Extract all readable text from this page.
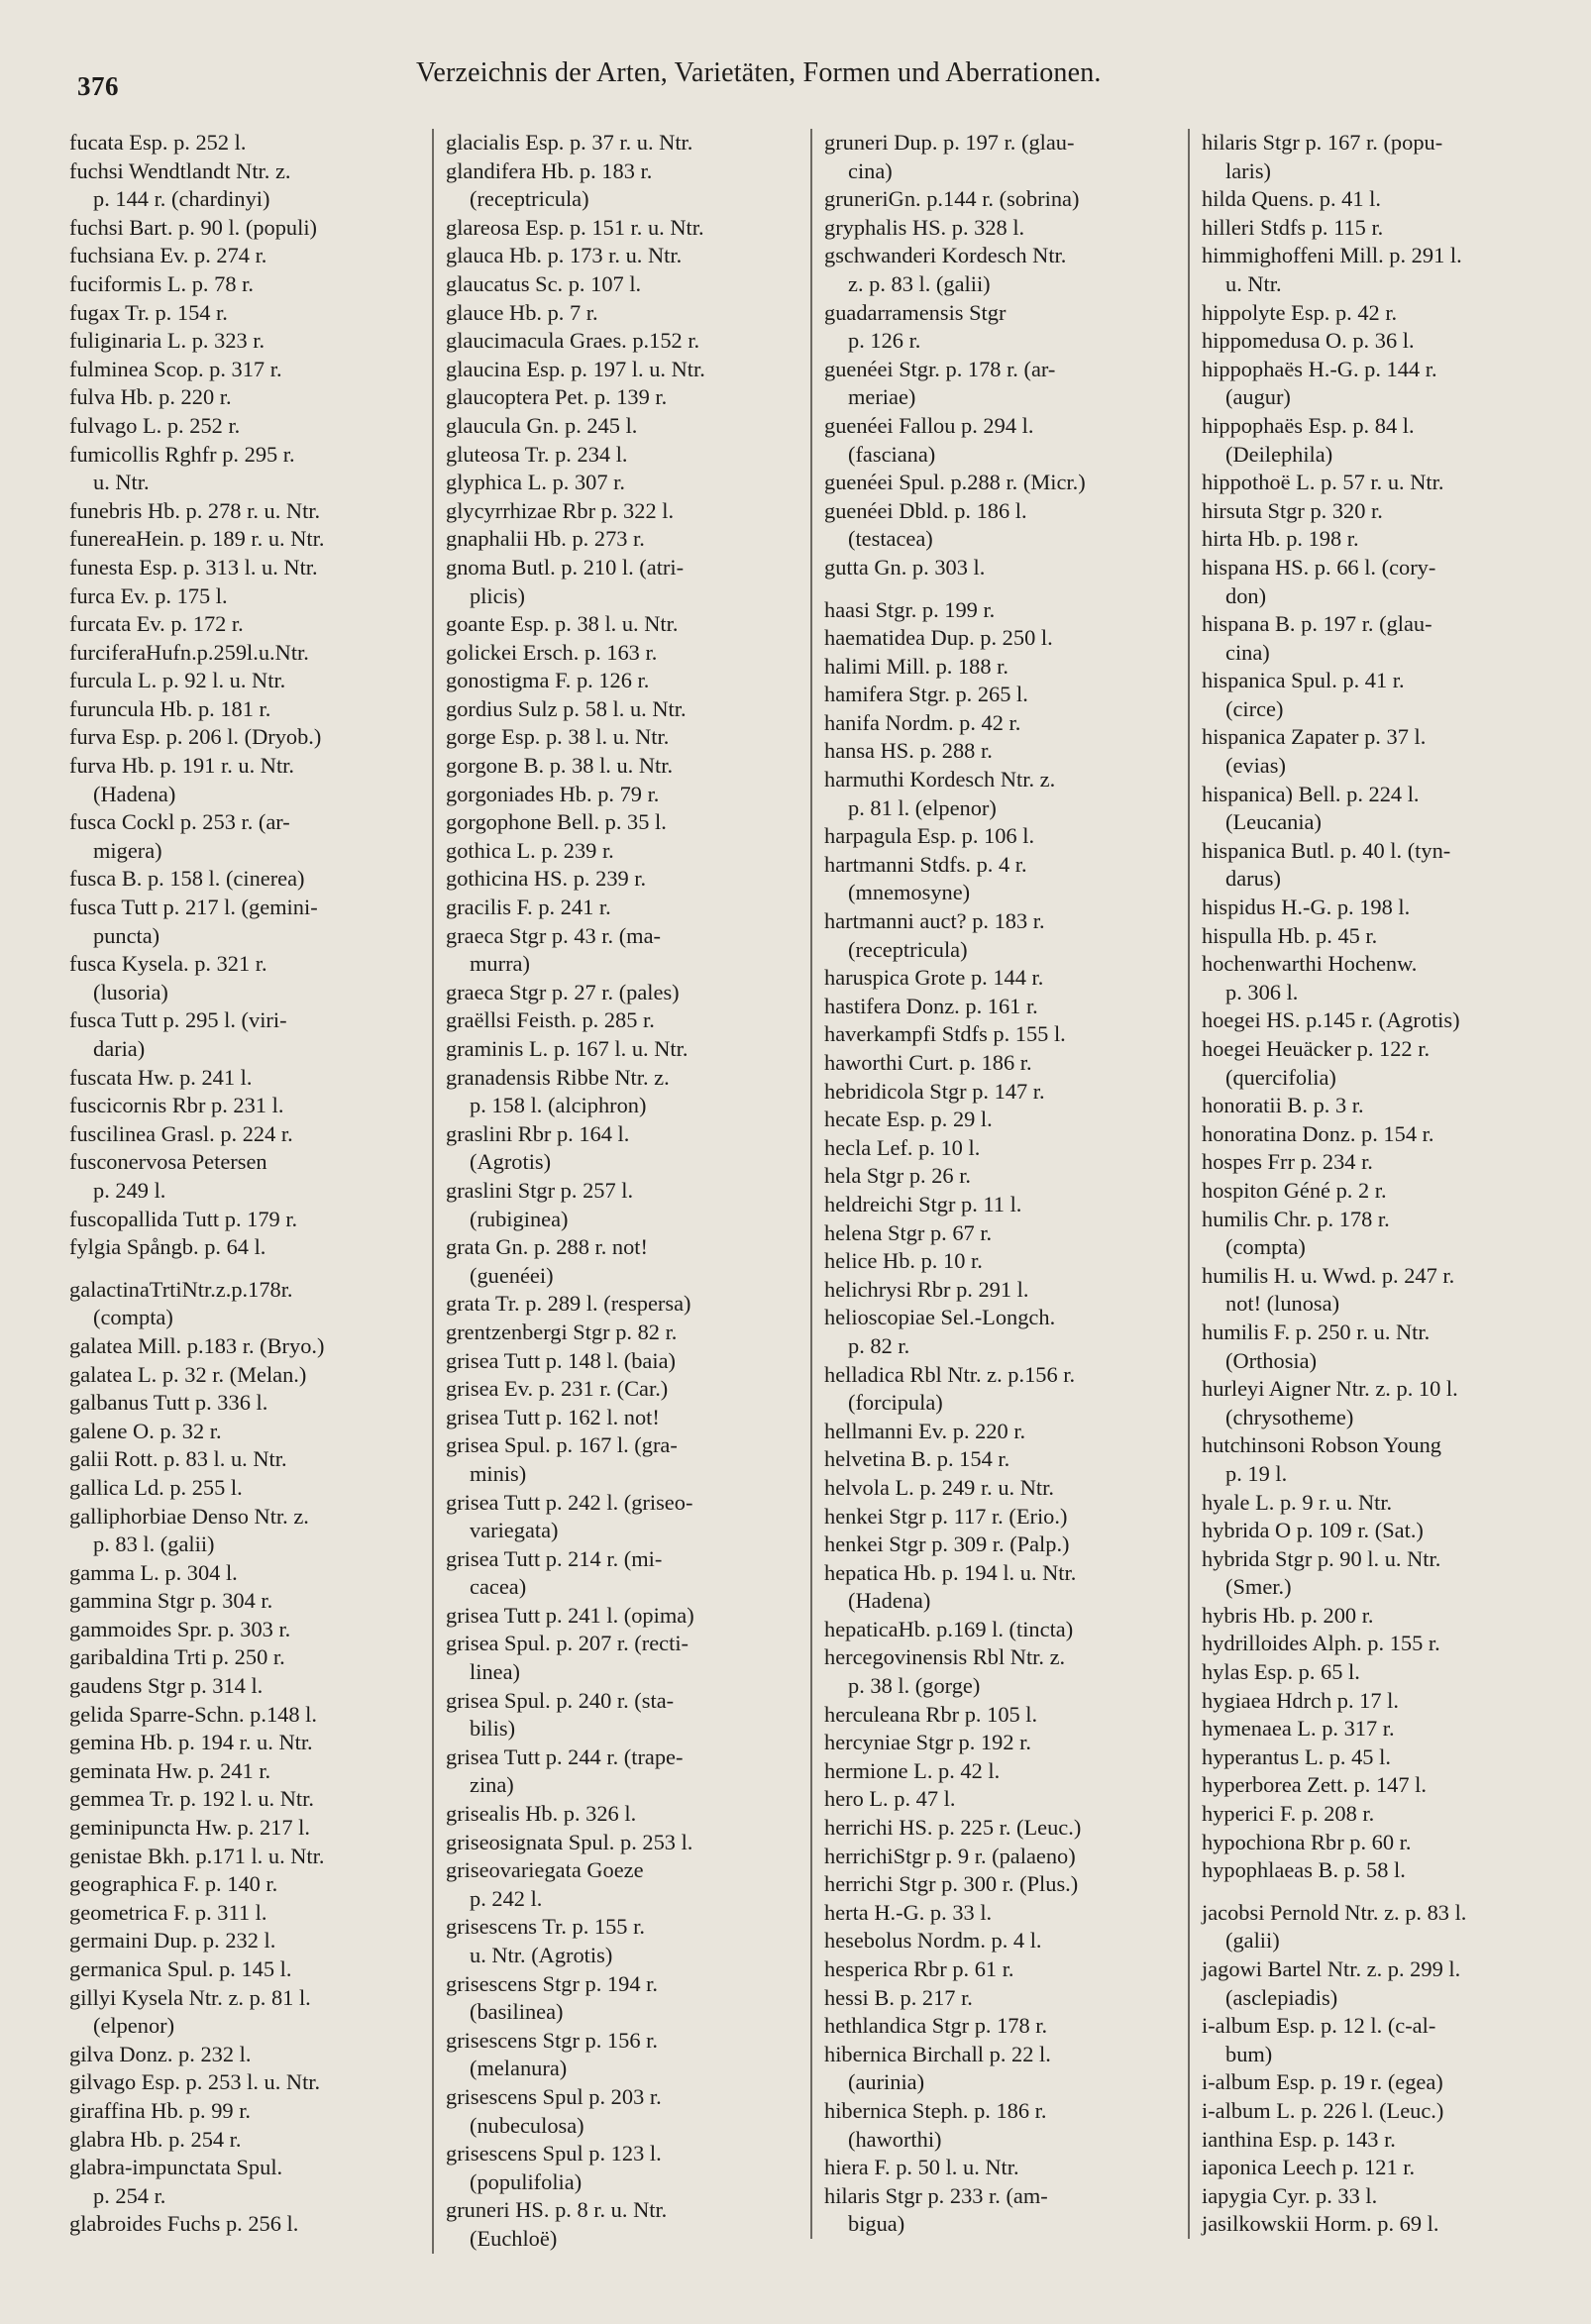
376	Verzeichnis der Arten, Varietäten, Formen und Aberrationen.
fucata Esp. p. 252 l.
fuchsi Wendtlandt Ntr. z.
p. 144 r. (chardinyi)
fuchsi Bart. p. 90 l. (populi)
fuchsiana Ev. p. 274 r.
fuciformis L. p. 78 r.
fugax Tr. p. 154 r.
fuliginaria L. p. 323 r.
fulminea Scop. p. 317 r.
fulva Hb. p. 220 r.
fulvago L. p. 252 r.
fumicollis Rghfr p. 295 r.
u. Ntr.
funebris Hb. p. 278 r. u. Ntr.
funereaHein. p. 189 r. u. Ntr.
funesta Esp. p. 313 l. u. Ntr.
furca Ev. p. 175 l.
furcata Ev. p. 172 r.
furciferaHufn.p.259l.u.Ntr.
furcula L. p. 92 l. u. Ntr.
furuncula Hb. p. 181 r.
furva Esp. p. 206 l. (Dryob.)
furva Hb. p. 191 r. u. Ntr.
(Hadena)
fusca Cockl p. 253 r. (ar-
migera)
fusca B. p. 158 l. (cinerea)
fusca Tutt p. 217 l. (gemini-
puncta)
fusca Kysela. p. 321 r.
(lusoria)
fusca Tutt p. 295 l. (viri-
daria)
fuscata Hw. p. 241 l.
fuscicornis Rbr p. 231 l.
fuscilinea Grasl. p. 224 r.
fusconervosa Petersen
p. 249 l.
fuscopallida Tutt p. 179 r.
fylgia Spångb. p. 64 l.
galactinaTrtiNtr.z.p.178r.
(compta)
galatea Mill. p.183 r. (Bryo.)
galatea L. p. 32 r. (Melan.)
galbanus Tutt p. 336 l.
galene O. p. 32 r.
galii Rott. p. 83 l. u. Ntr.
gallica Ld. p. 255 l.
galliphorbiae Denso Ntr. z.
p. 83 l. (galii)
gamma L. p. 304 l.
gammina Stgr p. 304 r.
gammoides Spr. p. 303 r.
garibaldina Trti p. 250 r.
gaudens Stgr p. 314 l.
gelida Sparre-Schn. p.148 l.
gemina Hb. p. 194 r. u. Ntr.
geminata Hw. p. 241 r.
gemmea Tr. p. 192 l. u. Ntr.
geminipuncta Hw. p. 217 l.
genistae Bkh. p.171 l. u. Ntr.
geographica F. p. 140 r.
geometrica F. p. 311 l.
germaini Dup. p. 232 l.
germanica Spul. p. 145 l.
gillyi Kysela Ntr. z. p. 81 l.
(elpenor)
gilva Donz. p. 232 l.
gilvago Esp. p. 253 l. u. Ntr.
giraffina Hb. p. 99 r.
glabra Hb. p. 254 r.
glabra-impunctata Spul.
p. 254 r.
glabroides Fuchs p. 256 l.
glacialis Esp. p. 37 r. u. Ntr.
glandifera Hb. p. 183 r.
(receptricula)
glareosa Esp. p. 151 r. u. Ntr.
glauca Hb. p. 173 r. u. Ntr.
glaucatus Sc. p. 107 l.
glauce Hb. p. 7 r.
glaucimacula Graes. p.152 r.
glaucina Esp. p. 197 l. u. Ntr.
glaucoptera Pet. p. 139 r.
glaucula Gn. p. 245 l.
gluteosa Tr. p. 234 l.
glyphica L. p. 307 r.
glycyrrhizae Rbr p. 322 l.
gnaphalii Hb. p. 273 r.
gnoma Butl. p. 210 l. (atri-
plicis)
goante Esp. p. 38 l. u. Ntr.
golickei Ersch. p. 163 r.
gonostigma F. p. 126 r.
gordius Sulz p. 58 l. u. Ntr.
gorge Esp. p. 38 l. u. Ntr.
gorgone B. p. 38 l. u. Ntr.
gorgoniades Hb. p. 79 r.
gorgophone Bell. p. 35 l.
gothica L. p. 239 r.
gothicina HS. p. 239 r.
gracilis F. p. 241 r.
graeca Stgr p. 43 r. (ma-
murra)
graeca Stgr p. 27 r. (pales)
graëllsi Feisth. p. 285 r.
graminis L. p. 167 l. u. Ntr.
granadensis Ribbe Ntr. z.
p. 158 l. (alciphron)
graslini Rbr p. 164 l.
(Agrotis)
graslini Stgr p. 257 l.
(rubiginea)
grata Gn. p. 288 r. not!
(guenéei)
grata Tr. p. 289 l. (respersa)
grentzenbergi Stgr p. 82 r.
grisea Tutt p. 148 l. (baia)
grisea Ev. p. 231 r. (Car.)
grisea Tutt p. 162 l. not!
grisea Spul. p. 167 l. (gra-
minis)
grisea Tutt p. 242 l. (griseo-
variegata)
grisea Tutt p. 214 r. (mi-
cacea)
grisea Tutt p. 241 l. (opima)
grisea Spul. p. 207 r. (recti-
linea)
grisea Spul. p. 240 r. (sta-
bilis)
grisea Tutt p. 244 r. (trape-
zina)
grisealis Hb. p. 326 l.
griseosignata Spul. p. 253 l.
griseovariegata Goeze
p. 242 l.
grisescens Tr. p. 155 r.
u. Ntr. (Agrotis)
grisescens Stgr p. 194 r.
(basilinea)
grisescens Stgr p. 156 r.
(melanura)
grisescens Spul p. 203 r.
(nubeculosa)
grisescens Spul p. 123 l.
(populifolia)
gruneri HS. p. 8 r. u. Ntr.
(Euchloë)
gruneri Dup. p. 197 r. (glau-
cina)
gruneriGn. p.144 r. (sobrina)
gryphalis HS. p. 328 l.
gschwanderi Kordesch Ntr.
z. p. 83 l. (galii)
guadarramensis Stgr
p. 126 r.
guenéei Stgr. p. 178 r. (ar-
meriae)
guenéei Fallou p. 294 l.
(fasciana)
guenéei Spul. p.288 r. (Micr.)
guenéei Dbld. p. 186 l.
(testacea)
gutta Gn. p. 303 l.
haasi Stgr. p. 199 r.
haematidea Dup. p. 250 l.
halimi Mill. p. 188 r.
hamifera Stgr. p. 265 l.
hanifa Nordm. p. 42 r.
hansa HS. p. 288 r.
harmuthi Kordesch Ntr. z.
p. 81 l. (elpenor)
harpagula Esp. p. 106 l.
hartmanni Stdfs. p. 4 r.
(mnemosyne)
hartmanni auct? p. 183 r.
(receptricula)
haruspica Grote p. 144 r.
hastifera Donz. p. 161 r.
haverkampfi Stdfs p. 155 l.
haworthi Curt. p. 186 r.
hebridicola Stgr p. 147 r.
hecate Esp. p. 29 l.
hecla Lef. p. 10 l.
hela Stgr p. 26 r.
heldreichi Stgr p. 11 l.
helena Stgr p. 67 r.
helice Hb. p. 10 r.
helichrysi Rbr p. 291 l.
helioscopiae Sel.-Longch.
p. 82 r.
helladica Rbl Ntr. z. p.156 r.
(forcipula)
hellmanni Ev. p. 220 r.
helvetina B. p. 154 r.
helvola L. p. 249 r. u. Ntr.
henkei Stgr p. 117 r. (Erio.)
henkei Stgr p. 309 r. (Palp.)
hepatica Hb. p. 194 l. u. Ntr.
(Hadena)
hepaticaHb. p.169 l. (tincta)
hercegovinensis Rbl Ntr. z.
p. 38 l. (gorge)
herculeana Rbr p. 105 l.
hercyniae Stgr p. 192 r.
hermione L. p. 42 l.
hero L. p. 47 l.
herrichi HS. p. 225 r. (Leuc.)
herrichiStgr p. 9 r. (palaeno)
herrichi Stgr p. 300 r. (Plus.)
herta H.-G. p. 33 l.
hesebolus Nordm. p. 4 l.
hesperica Rbr p. 61 r.
hessi B. p. 217 r.
hethlandica Stgr p. 178 r.
hibernica Birchall p. 22 l.
(aurinia)
hibernica Steph. p. 186 r.
(haworthi)
hiera F. p. 50 l. u. Ntr.
hilaris Stgr p. 233 r. (am-
bigua)
hilaris Stgr p. 167 r. (popu-
laris)
hilda Quens. p. 41 l.
hilleri Stdfs p. 115 r.
himmighoffeni Mill. p. 291 l.
u. Ntr.
hippolyte Esp. p. 42 r.
hippomedusa O. p. 36 l.
hippophaës H.-G. p. 144 r.
(augur)
hippophaës Esp. p. 84 l.
(Deilephila)
hippothoë L. p. 57 r. u. Ntr.
hirsuta Stgr p. 320 r.
hirta Hb. p. 198 r.
hispana HS. p. 66 l. (cory-
don)
hispana B. p. 197 r. (glau-
cina)
hispanica Spul. p. 41 r.
(circe)
hispanica Zapater p. 37 l.
(evias)
hispanica) Bell. p. 224 l.
(Leucania)
hispanica Butl. p. 40 l. (tyn-
darus)
hispidus H.-G. p. 198 l.
hispulla Hb. p. 45 r.
hochenwarthi Hochenw.
p. 306 l.
hoegei HS. p.145 r. (Agrotis)
hoegei Heuäcker p. 122 r.
(quercifolia)
honoratii B. p. 3 r.
honoratina Donz. p. 154 r.
hospes Frr p. 234 r.
hospiton Géné p. 2 r.
humilis Chr. p. 178 r.
(compta)
humilis H. u. Wwd. p. 247 r.
not! (lunosa)
humilis F. p. 250 r. u. Ntr.
(Orthosia)
hurleyi Aigner Ntr. z. p. 10 l.
(chrysotheme)
hutchinsoni Robson Young
p. 19 l.
hyale L. p. 9 r. u. Ntr.
hybrida O p. 109 r. (Sat.)
hybrida Stgr p. 90 l. u. Ntr.
(Smer.)
hybris Hb. p. 200 r.
hydrilloides Alph. p. 155 r.
hylas Esp. p. 65 l.
hygiaea Hdrch p. 17 l.
hymenaea L. p. 317 r.
hyperantus L. p. 45 l.
hyperborea Zett. p. 147 l.
hyperici F. p. 208 r.
hypochiona Rbr p. 60 r.
hypophlaeas B. p. 58 l.
jacobsi Pernold Ntr. z. p. 83 l.
(galii)
jagowi Bartel Ntr. z. p. 299 l.
(asclepiadis)
i-album Esp. p. 12 l. (c-al-
bum)
i-album Esp. p. 19 r. (egea)
i-album L. p. 226 l. (Leuc.)
ianthina Esp. p. 143 r.
iaponica Leech p. 121 r.
iapygia Cyr. p. 33 l.
jasilkowskii Horm. p. 69 l.
